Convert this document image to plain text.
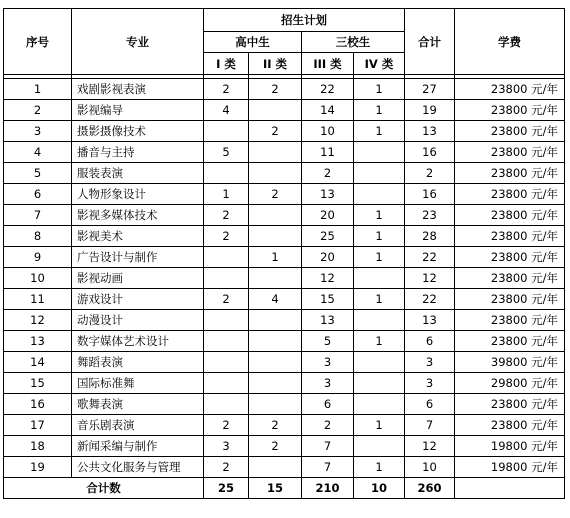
序号	专业	招生计划				合计	学费
		高中生		三校生			
		I 类	II 类	III 类	IV 类		

1	戏剧影视表演	2	2	22	1	27	23800 元/年
2	影视编导	4		14	1	19	23800 元/年
3	摄影摄像技术		2	10	1	13	23800 元/年
4	播音与主持	5		11		16	23800 元/年
5	服装表演			2		2	23800 元/年
6	人物形象设计	1	2	13		16	23800 元/年
7	影视多媒体技术	2		20	1	23	23800 元/年
8	影视美术	2		25	1	28	23800 元/年
9	广告设计与制作		1	20	1	22	23800 元/年
10	影视动画			12		12	23800 元/年
11	游戏设计	2	4	15	1	22	23800 元/年
12	动漫设计			13		13	23800 元/年
13	数字媒体艺术设计			5	1	6	23800 元/年
14	舞蹈表演			3		3	39800 元/年
15	国际标准舞			3		3	29800 元/年
16	歌舞表演			6		6	23800 元/年
17	音乐剧表演	2	2	2	1	7	23800 元/年
18	新闻采编与制作	3	2	7		12	19800 元/年
19	公共文化服务与管理	2		7	1	10	19800 元/年
合计数		25	15	210	10	260	
